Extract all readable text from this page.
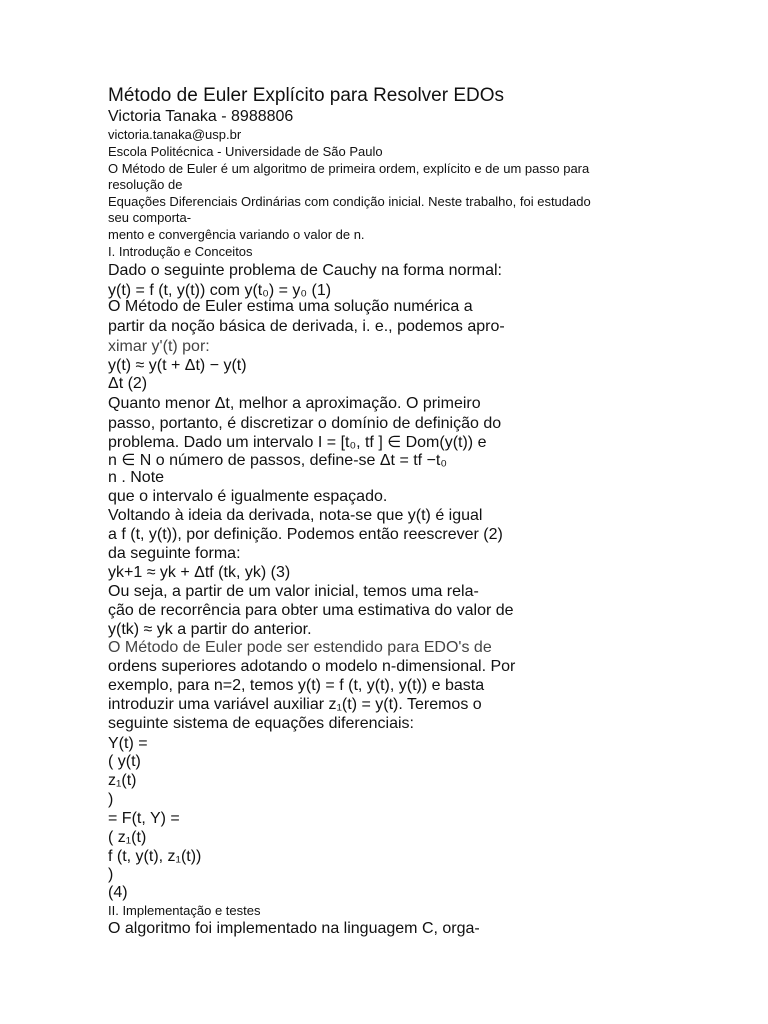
Método de Euler Explícito para Resolver EDOs
Victoria Tanaka - 8988806
victoria.tanaka@usp.br
Escola Politécnica - Universidade de São Paulo
O Método de Euler é um algoritmo de primeira ordem, explícito e de um passo para
resolução de
Equações Diferenciais Ordinárias com condição inicial. Neste trabalho, foi estudado
seu comporta-
mento e convergência variando o valor de n.
I. Introdução e Conceitos
Dado o seguinte problema de Cauchy na forma normal:
y(t) = f (t, y(t)) com y(t₀) = y₀ (1)
O Método de Euler estima uma solução numérica a
partir da noção básica de derivada, i. e., podemos apro-
ximar y'(t) por:
y(t) ≈ y(t + Δt) − y(t)
Δt (2)
Quanto menor Δt, melhor a aproximação. O primeiro
passo, portanto, é discretizar o domínio de definição do
problema. Dado um intervalo I = [t₀, tf ] ∈ Dom(y(t)) e
n ∈ N o número de passos, define-se Δt = tf −t₀
n . Note
que o intervalo é igualmente espaçado.
Voltando à ideia da derivada, nota-se que y(t) é igual
a f (t, y(t)), por definição. Podemos então reescrever (2)
da seguinte forma:
yk+1 ≈ yk + Δtf (tk, yk) (3)
Ou seja, a partir de um valor inicial, temos uma rela-
ção de recorrência para obter uma estimativa do valor de
y(tk) ≈ yk a partir do anterior.
O Método de Euler pode ser estendido para EDO's de
ordens superiores adotando o modelo n-dimensional. Por
exemplo, para n=2, temos y(t) = f (t, y(t), y(t)) e basta
introduzir uma variável auxiliar z₁(t) = y(t). Teremos o
seguinte sistema de equações diferenciais:
Y(t) =
( y(t)
z₁(t)
)
= F(t, Y) =
( z₁(t)
f (t, y(t), z₁(t))
)
(4)
II. Implementação e testes
O algoritmo foi implementado na linguagem C, orga-
